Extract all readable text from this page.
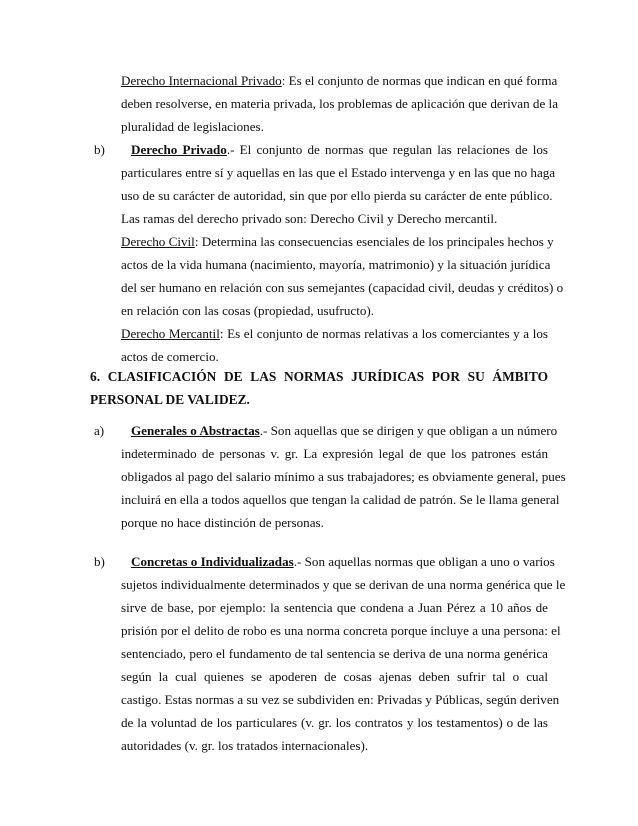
Derecho Internacional Privado: Es el conjunto de normas que indican en qué forma
deben resolverse, en materia privada, los problemas de aplicación que derivan de la
pluralidad de legislaciones.
b) Derecho Privado.- El conjunto de normas que regulan las relaciones de los
particulares entre sí y aquellas en las que el Estado intervenga y en las que no haga
uso de su carácter de autoridad, sin que por ello pierda su carácter de ente público.
Las ramas del derecho privado son: Derecho Civil y Derecho mercantil.
Derecho Civil: Determina las consecuencias esenciales de los principales hechos y
actos de la vida humana (nacimiento, mayoría, matrimonio) y la situación jurídica
del ser humano en relación con sus semejantes (capacidad civil, deudas y créditos) o
en relación con las cosas (propiedad, usufructo).
Derecho Mercantil: Es el conjunto de normas relativas a los comerciantes y a los
actos de comercio.
6. CLASIFICACIÓN DE LAS NORMAS JURÍDICAS POR SU ÁMBITO
PERSONAL DE VALIDEZ.
a) Generales o Abstractas.- Son aquellas que se dirigen y que obligan a un número
indeterminado de personas v. gr. La expresión legal de que los patrones están
obligados al pago del salario mínimo a sus trabajadores; es obviamente general, pues
incluirá en ella a todos aquellos que tengan la calidad de patrón. Se le llama general
porque no hace distinción de personas.
b) Concretas o Individualizadas.- Son aquellas normas que obligan a uno o varios
sujetos individualmente determinados y que se derivan de una norma genérica que le
sirve de base, por ejemplo: la sentencia que condena a Juan Pérez a 10 años de
prisión por el delito de robo es una norma concreta porque incluye a una persona: el
sentenciado, pero el fundamento de tal sentencia se deriva de una norma genérica
según la cual quienes se apoderen de cosas ajenas deben sufrir tal o cual
castigo. Estas normas a su vez se subdividen en: Privadas y Públicas, según deriven
de la voluntad de los particulares (v. gr. los contratos y los testamentos) o de las
autoridades (v. gr. los tratados internacionales).
